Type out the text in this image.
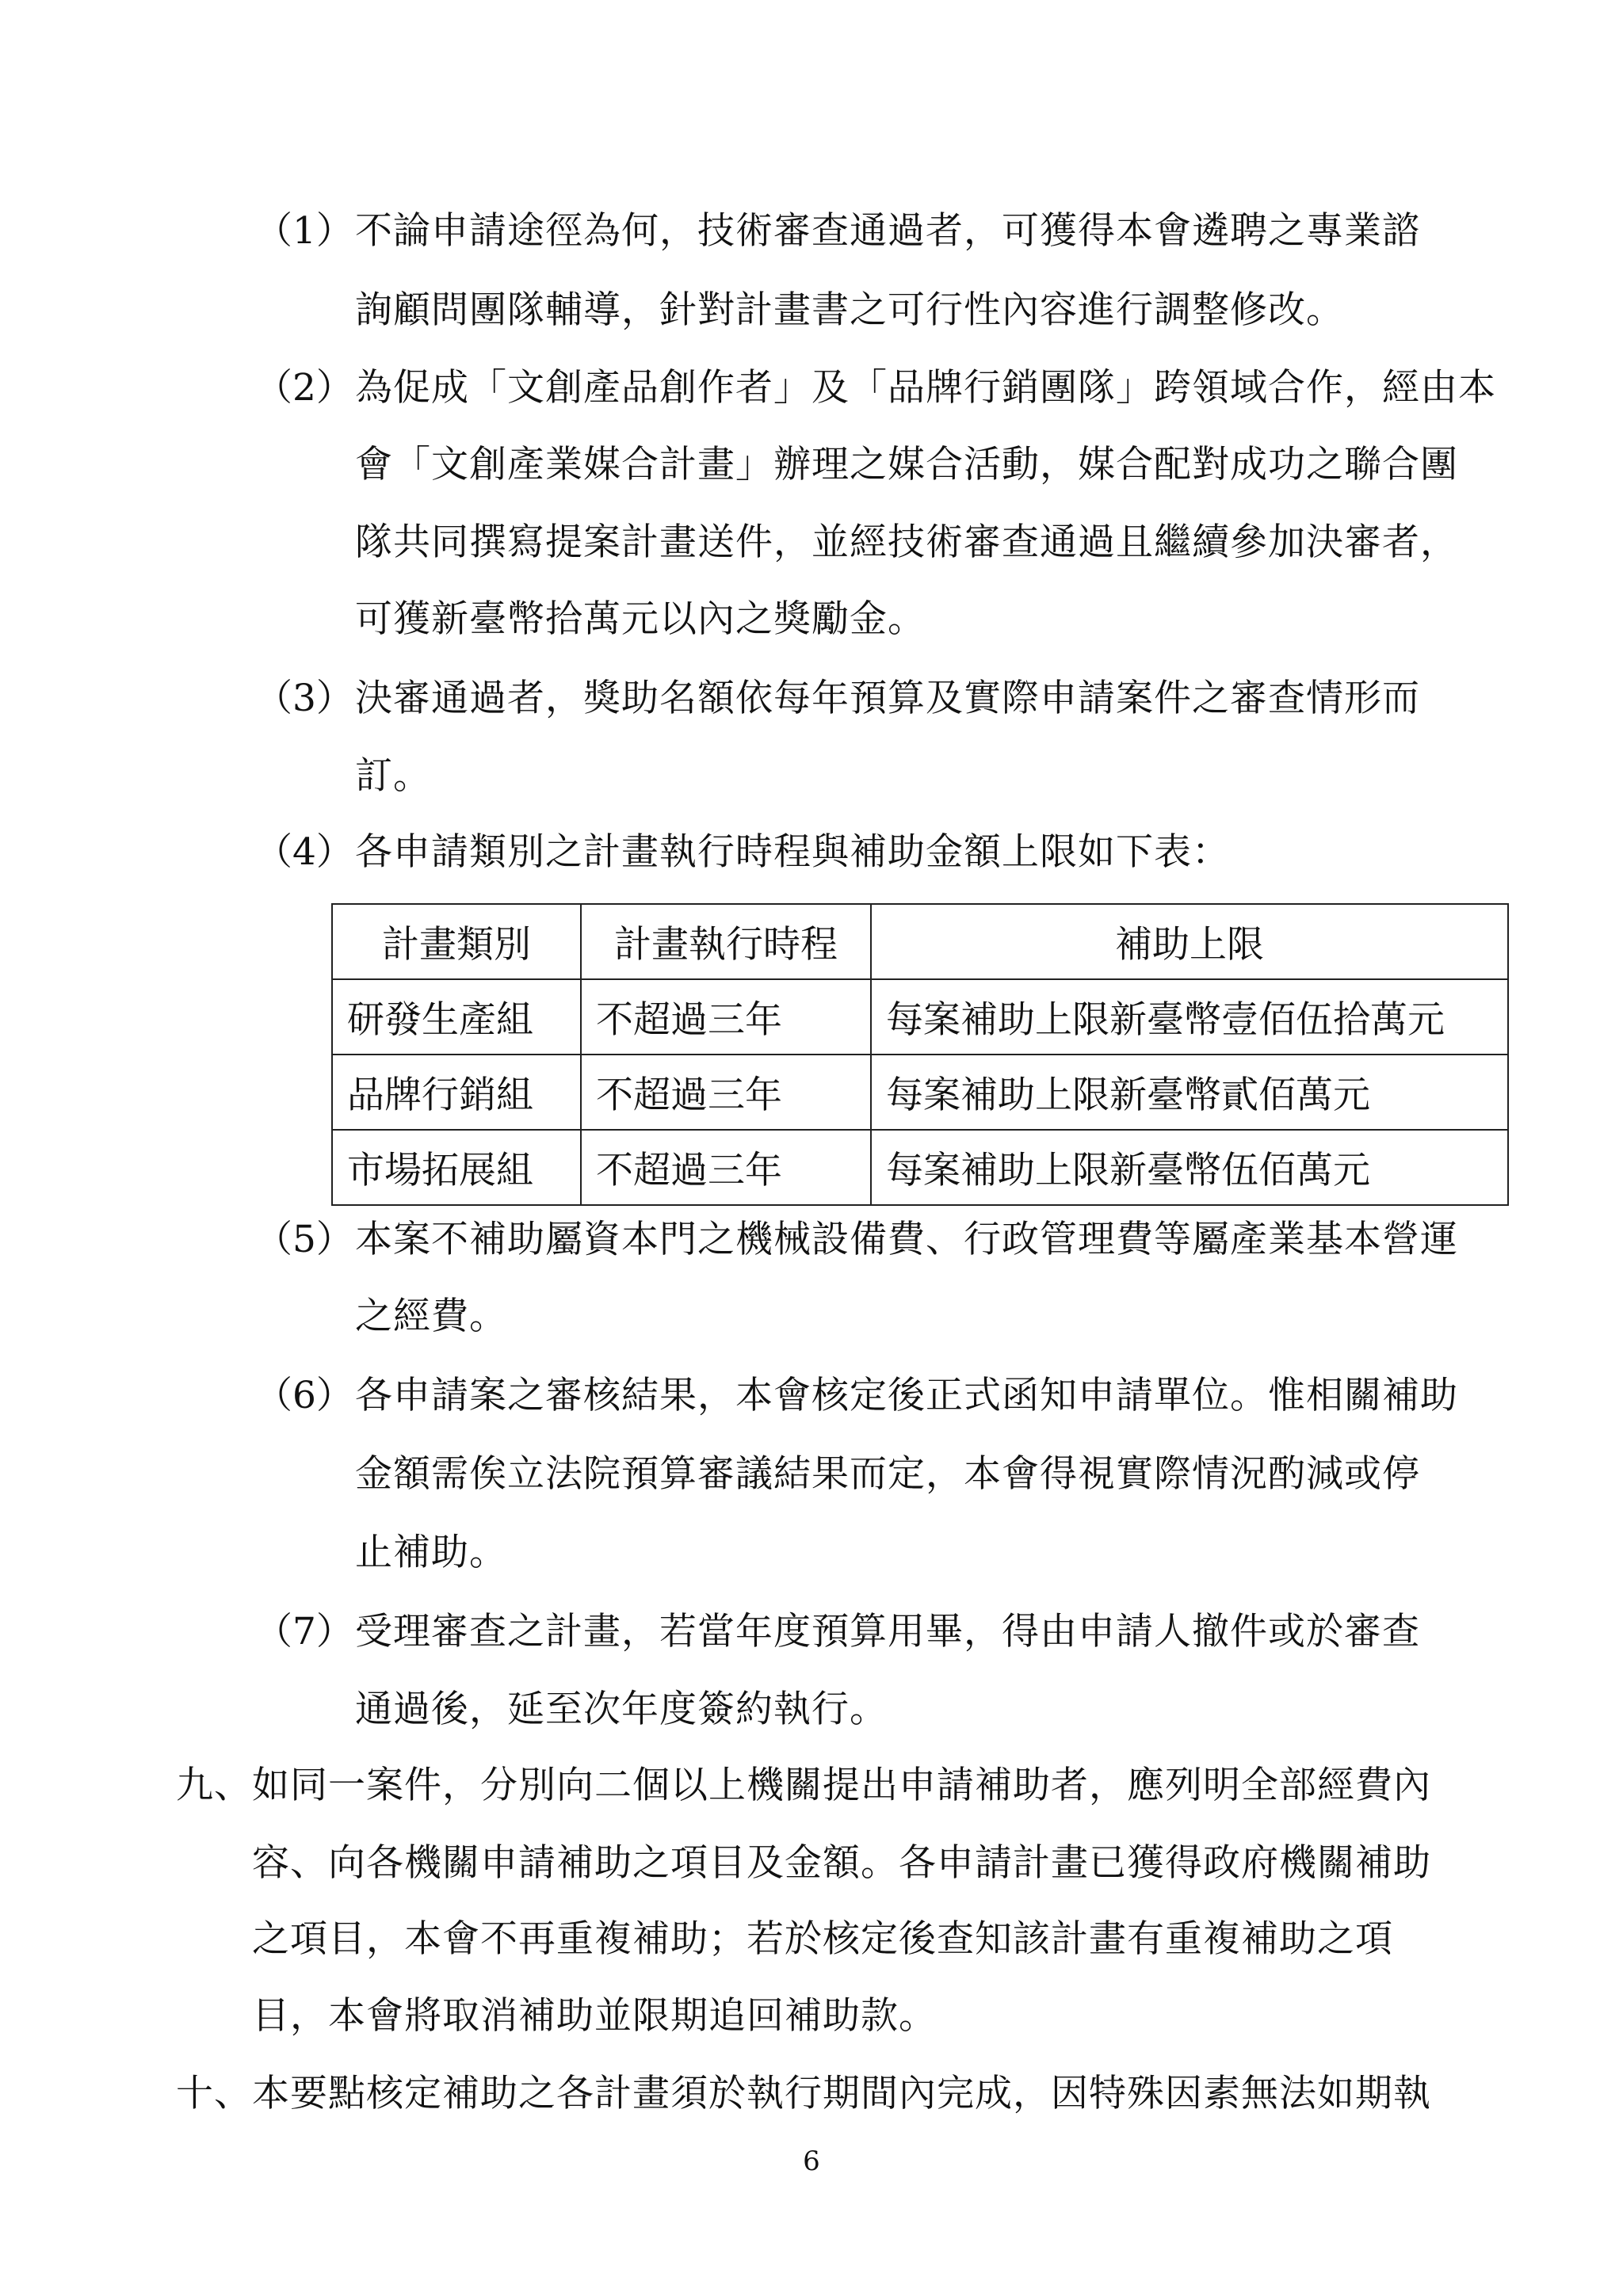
（1） 不論申請途徑為何，技術審查通過者，可獲得本會遴聘之專業諮
詢顧問團隊輔導，針對計畫書之可行性內容進行調整修改。
（2） 為促成「文創產品創作者」及「品牌行銷團隊」跨領域合作，經由本
會「文創產業媒合計畫」辦理之媒合活動，媒合配對成功之聯合團
隊共同撰寫提案計畫送件，並經技術審查通過且繼續參加決審者，
可獲新臺幣拾萬元以內之獎勵金。
（3） 決審通過者，獎助名額依每年預算及實際申請案件之審查情形而
訂。
（4） 各申請類別之計畫執行時程與補助金額上限如下表：
計畫類別	計畫執行時程	補助上限
研發生產組	不超過三年	每案補助上限新臺幣壹佰伍拾萬元
品牌行銷組	不超過三年	每案補助上限新臺幣貳佰萬元
市場拓展組	不超過三年	每案補助上限新臺幣伍佰萬元
（5） 本案不補助屬資本門之機械設備費、行政管理費等屬產業基本營運
之經費。
（6） 各申請案之審核結果，本會核定後正式函知申請單位。惟相關補助
金額需俟立法院預算審議結果而定，本會得視實際情況酌減或停
止補助。
（7） 受理審查之計畫，若當年度預算用畢，得由申請人撤件或於審查
通過後，延至次年度簽約執行。
九、如同一案件，分別向二個以上機關提出申請補助者，應列明全部經費內
容、向各機關申請補助之項目及金額。各申請計畫已獲得政府機關補助
之項目，本會不再重複補助；若於核定後查知該計畫有重複補助之項
目，本會將取消補助並限期追回補助款。
十、本要點核定補助之各計畫須於執行期間內完成，因特殊因素無法如期執
6
